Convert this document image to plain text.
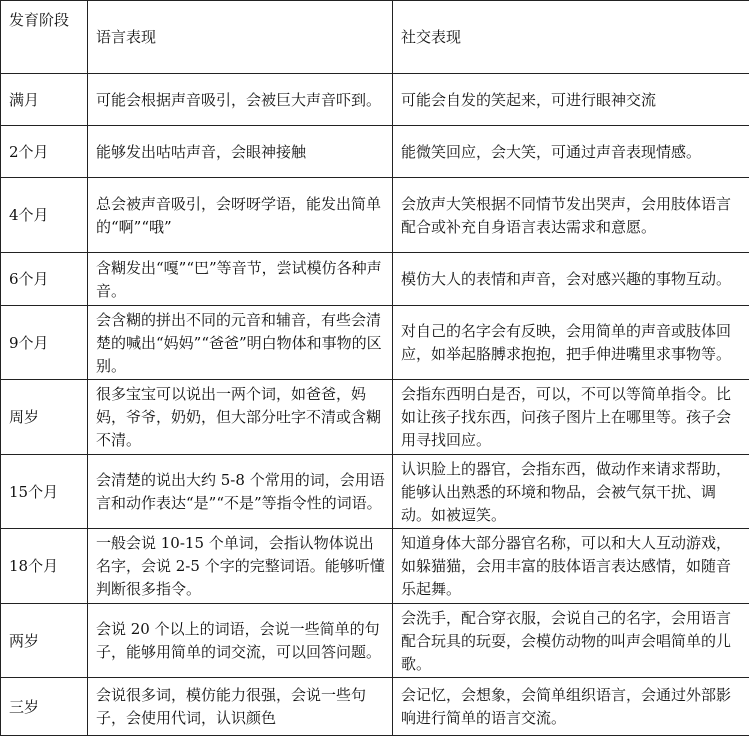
发育阶段	语言表现	社交表现
满月	可能会根据声音吸引，会被巨大声音吓到。	可能会自发的笑起来，可进行眼神交流
2个月	能够发出咕咕声音，会眼神接触	能微笑回应，会大笑，可通过声音表现情感。
4个月	总会被声音吸引，会呀呀学语，能发出简单的“啊”“哦”	会放声大笑根据不同情节发出哭声，会用肢体语言配合或补充自身语言表达需求和意愿。
6个月	含糊发出“嘎”“巴”等音节，尝试模仿各种声音。	模仿大人的表情和声音，会对感兴趣的事物互动。
9个月	会含糊的拼出不同的元音和辅音，有些会清楚的喊出“妈妈”“爸爸”明白物体和事物的区别。	对自己的名字会有反映，会用简单的声音或肢体回应，如举起胳膊求抱抱，把手伸进嘴里求事物等。
周岁	很多宝宝可以说出一两个词，如爸爸，妈妈，爷爷，奶奶，但大部分吐字不清或含糊不清。	会指东西明白是否，可以，不可以等简单指令。比如让孩子找东西，问孩子图片上在哪里等。孩子会用寻找回应。
15个月	会清楚的说出大约 5-8 个常用的词，会用语言和动作表达“是”“不是”等指令性的词语。	认识脸上的器官，会指东西，做动作来请求帮助，能够认出熟悉的环境和物品，会被气氛干扰、调动。如被逗笑。
18个月	一般会说 10-15 个单词，会指认物体说出名字，会说 2-5 个字的完整词语。能够听懂判断很多指令。	知道身体大部分器官名称，可以和大人互动游戏，如躲猫猫，会用丰富的肢体语言表达感情，如随音乐起舞。
两岁	会说 20 个以上的词语，会说一些简单的句子，能够用简单的词交流，可以回答问题。	会洗手，配合穿衣服，会说自己的名字，会用语言配合玩具的玩耍，会模仿动物的叫声会唱简单的儿歌。
三岁	会说很多词，模仿能力很强，会说一些句子，会使用代词，认识颜色	会记忆，会想象，会简单组织语言，会通过外部影响进行简单的语言交流。
